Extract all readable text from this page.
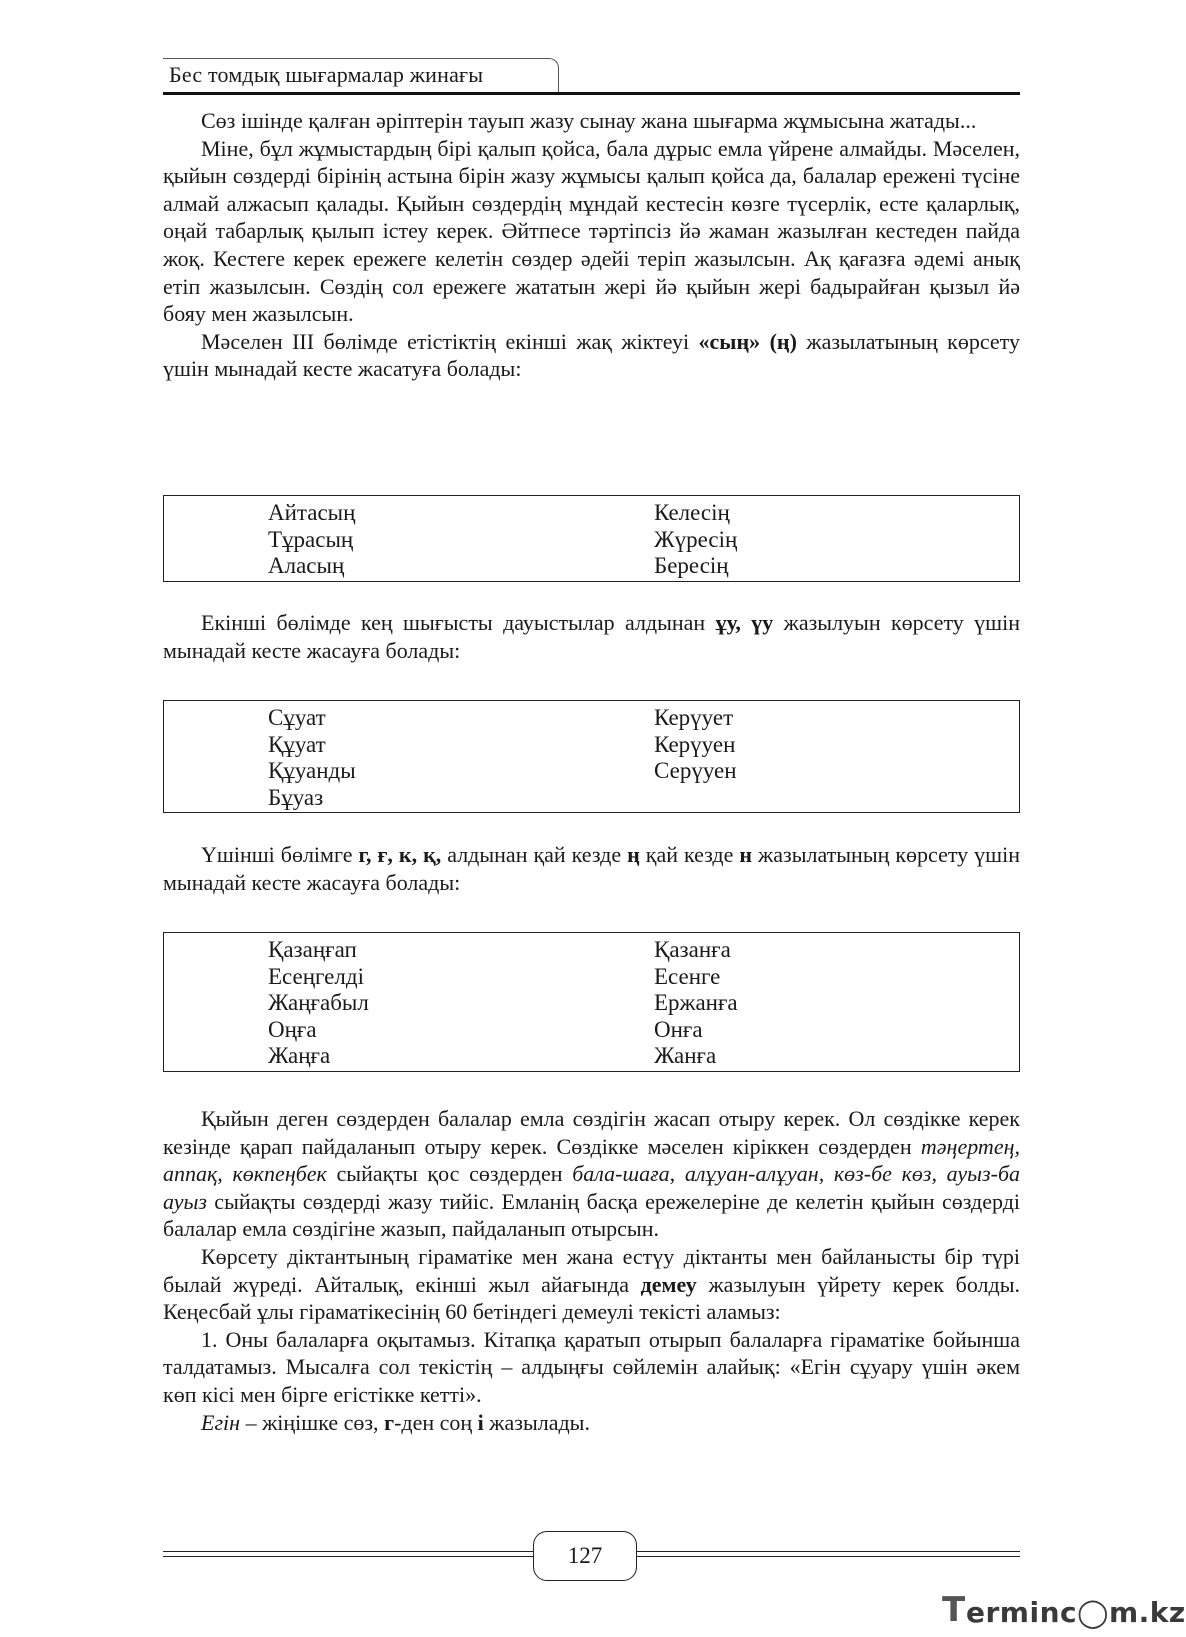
Бес томдық шығармалар жинағы

Сөз ішінде қалған әріптерін тауып жазу сынау жана шығарма жұмысына жатады...

Міне, бұл жұмыстардың бірі қалып қойса, бала дұрыс емла үйрене алмайды. Мәселен, қыйын сөздерді бірінің астына бірін жазу жұмысы қалып қойса да, балалар ережені түсіне алмай алжасып қалады. Қыйын сөздердің мұндай кестесін көзге түсерлік, есте қаларлық, оңай табарлық қылып істеу керек. Әйтпесе тәртіпсіз йә жаман жазылған кестеден пайда жоқ. Кестеге керек ережеге келетін сөздер әдейі теріп жазылсын. Ақ қағазға әдемі анық етіп жазылсын. Сөздің сол ережеге жататын жері йә қыйын жері бадырайған қызыл йә бояу мен жазылсын.

Мәселен ІІІ бөлімде етістіктің екінші жақ жіктеуі «сың» (ң) жазылатының көрсету үшін мынадай кесте жасатуға болады:

Айтасың	Келесің
Тұрасың	Жүресің
Аласың	Бересің

Екінші бөлімде кең шығысты дауыстылар алдынан ұу, үу жазылуын көрсету үшін мынадай кесте жасауға болады:

Сұуат	Керүует
Құуат	Керүуен
Құуанды	Серүуен
Бұуаз	

Үшінші бөлімге г, ғ, к, қ, алдынан қай кезде ң қай кезде н жазылатының көрсету үшін мынадай кесте жасауға болады:

Қазаңғап	Қазанға
Есеңгелді	Есенге
Жаңғабыл	Ержанға
Оңға	Онға
Жаңға	Жанға

Қыйын деген сөздерден балалар емла сөздігін жасап отыру керек. Ол сөздікке керек кезінде қарап пайдаланып отыру керек. Сөздікке мәселен кіріккен сөздерден тәңертең, аппақ, көкпеңбек сыйақты қос сөздерден бала-шаға, алұуан-алұуан, көз-бе көз, ауыз-ба ауыз сыйақты сөздерді жазу тийіс. Емланің басқа ережелеріне де келетін қыйын сөздерді балалар емла сөздігіне жазып, пайдаланып отырсын.

Көрсету діктантының гіраматіке мен жана естүу діктанты мен байланысты бір түрі былай жүреді. Айталық, екінші жыл айағында демеу жазылуын үйрету керек болды. Кеңесбай ұлы гіраматікесінің 60 бетіндегі демеулі текісті аламыз:

1. Оны балаларға оқытамыз. Кітапқа қаратып отырып балаларға гіраматіке бойынша талдатамыз. Мысалға сол текістің – алдыңғы сөйлемін алайық: «Егін сұуару үшін әкем көп кісі мен бірге егістікке кетті».

Егін – жіңішке сөз, г-ден соң і жазылады.

127
T erminc◯m.kz
